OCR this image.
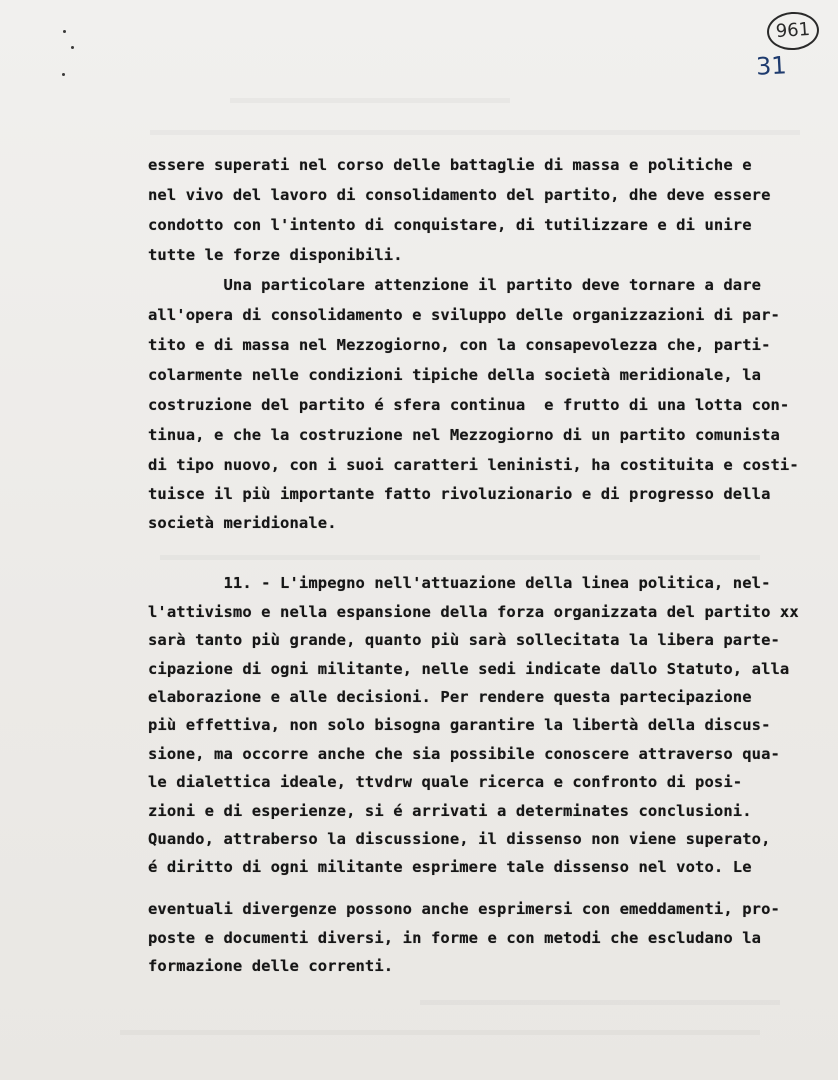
961
31

essere superati nel corso delle battaglie di massa e politiche e

nel vivo del lavoro di consolidamento del partito, dhe deve essere

condotto con l'intento di conquistare, di tutilizzare e di unire

tutte le forze disponibili.

Una particolare attenzione il partito deve tornare a dare

all'opera di consolidamento e sviluppo delle organizzazioni di par-

tito e di massa nel Mezzogiorno, con la consapevolezza che, parti-

colarmente nelle condizioni tipiche della società meridionale, la

costruzione del partito é sfera continua  e frutto di una lotta con-

tinua, e che la costruzione nel Mezzogiorno di un partito comunista

di tipo nuovo, con i suoi caratteri leninisti, ha costituita e costi-

tuisce il più importante fatto rivoluzionario e di progresso della

società meridionale.

11. - L'impegno nell'attuazione della linea politica, nel-

l'attivismo e nella espansione della forza organizzata del partito xx

sarà tanto più grande, quanto più sarà sollecitata la libera parte-

cipazione di ogni militante, nelle sedi indicate dallo Statuto, alla

elaborazione e alle decisioni. Per rendere questa partecipazione

più effettiva, non solo bisogna garantire la libertà della discus-

sione, ma occorre anche che sia possibile conoscere attraverso qua-

le dialettica ideale, ttvdrw quale ricerca e confronto di posi-

zioni e di esperienze, si é arrivati a determinates conclusioni.

Quando, attraberso la discussione, il dissenso non viene superato,

é diritto di ogni militante esprimere tale dissenso nel voto. Le

eventuali divergenze possono anche esprimersi con emeddamenti, pro-

poste e documenti diversi, in forme e con metodi che escludano la

formazione delle correnti.
